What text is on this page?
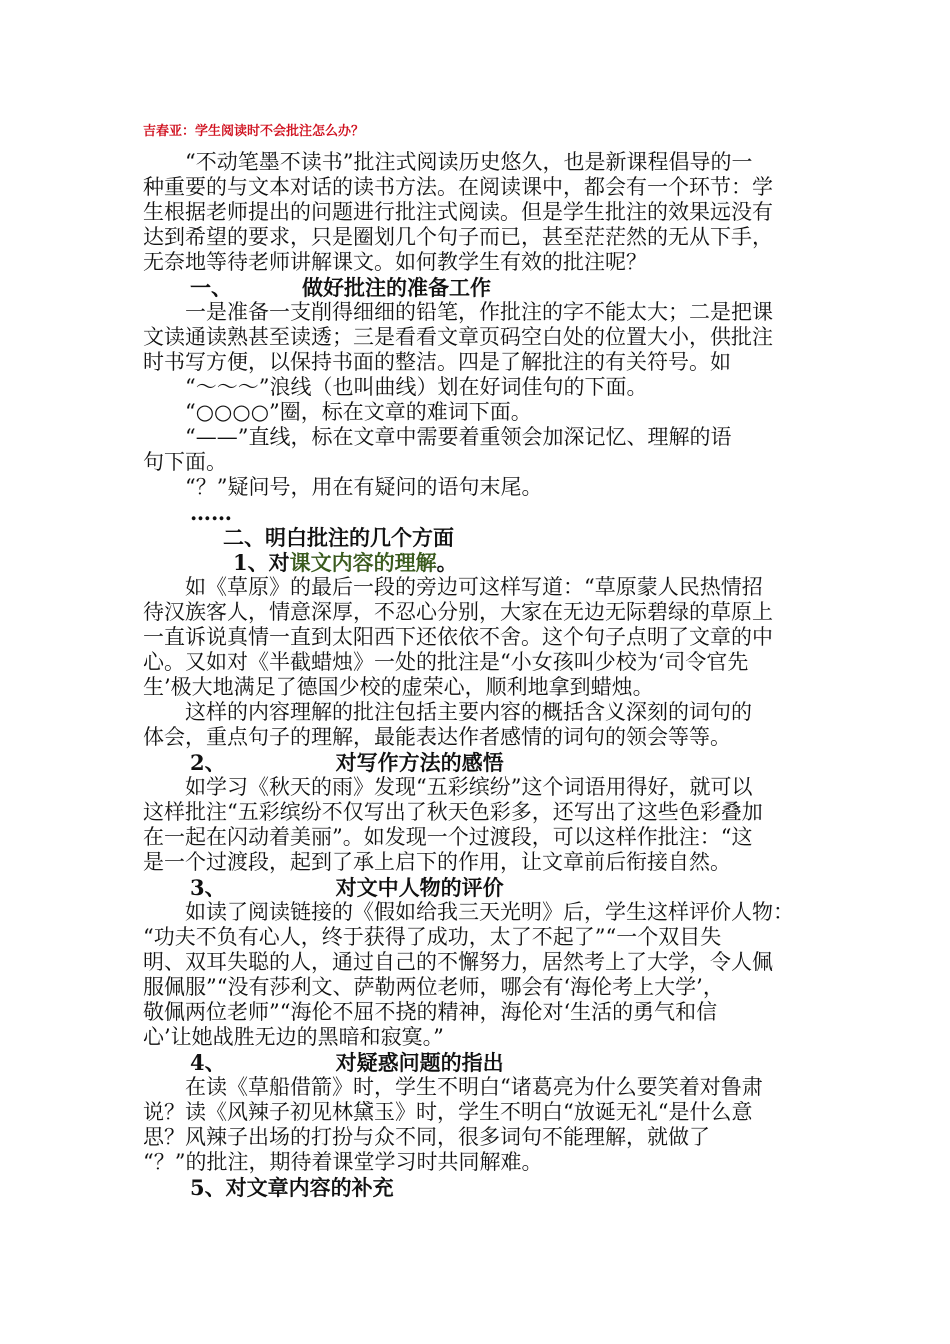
吉春亚：学生阅读时不会批注怎么办？
　　“不动笔墨不读书”批注式阅读历史悠久，也是新课程倡导的一
种重要的与文本对话的读书方法。在阅读课中，都会有一个环节：学
生根据老师提出的问题进行批注式阅读。但是学生批注的效果远没有
达到希望的要求，只是圈划几个句子而已，甚至茫茫然的无从下手，
无奈地等待老师讲解课文。如何教学生有效的批注呢？
一、	做好批注的准备工作
　　一是准备一支削得细细的铅笔，作批注的字不能太大；二是把课
文读通读熟甚至读透；三是看看文章页码空白处的位置大小，供批注
时书写方便，以保持书面的整洁。四是了解批注的有关符号。如
　　“～～～”浪线（也叫曲线）划在好词佳句的下面。
　　“○○○○”圈，标在文章的难词下面。
　　“——”直线，标在文章中需要着重领会加深记忆、理解的语
句下面。
　　“？”疑问号，用在有疑问的语句末尾。
……
二、明白批注的几个方面
1、对课文内容的理解。
　　如《草原》的最后一段的旁边可这样写道：“草原蒙人民热情招
待汉族客人，情意深厚，不忍心分别，大家在无边无际碧绿的草原上
一直诉说真情一直到太阳西下还依依不舍。这个句子点明了文章的中
心。又如对《半截蜡烛》一处的批注是“小女孩叫少校为‘司令官先
生’极大地满足了德国少校的虚荣心，顺利地拿到蜡烛。
　　这样的内容理解的批注包括主要内容的概括含义深刻的词句的
体会，重点句子的理解，最能表达作者感情的词句的领会等等。
2、	对写作方法的感悟
　　如学习《秋天的雨》发现“五彩缤纷”这个词语用得好，就可以
这样批注“五彩缤纷不仅写出了秋天色彩多，还写出了这些色彩叠加
在一起在闪动着美丽”。如发现一个过渡段，可以这样作批注：“这
是一个过渡段，起到了承上启下的作用，让文章前后衔接自然。
3、	对文中人物的评价
　　如读了阅读链接的《假如给我三天光明》后，学生这样评价人物：
“功夫不负有心人，终于获得了成功，太了不起了”“一个双目失
明、双耳失聪的人，通过自己的不懈努力，居然考上了大学，令人佩
服佩服”“没有莎利文、萨勒两位老师，哪会有‘海伦考上大学’，
敬佩两位老师”“海伦不屈不挠的精神，海伦对‘生活的勇气和信
心’让她战胜无边的黑暗和寂寞。”
4、	对疑惑问题的指出
　　在读《草船借箭》时，学生不明白“诸葛亮为什么要笑着对鲁肃
说？读《风辣子初见林黛玉》时，学生不明白“放诞无礼“是什么意
思？风辣子出场的打扮与众不同，很多词句不能理解，就做了
“？”的批注，期待着课堂学习时共同解难。
5、对文章内容的补充
